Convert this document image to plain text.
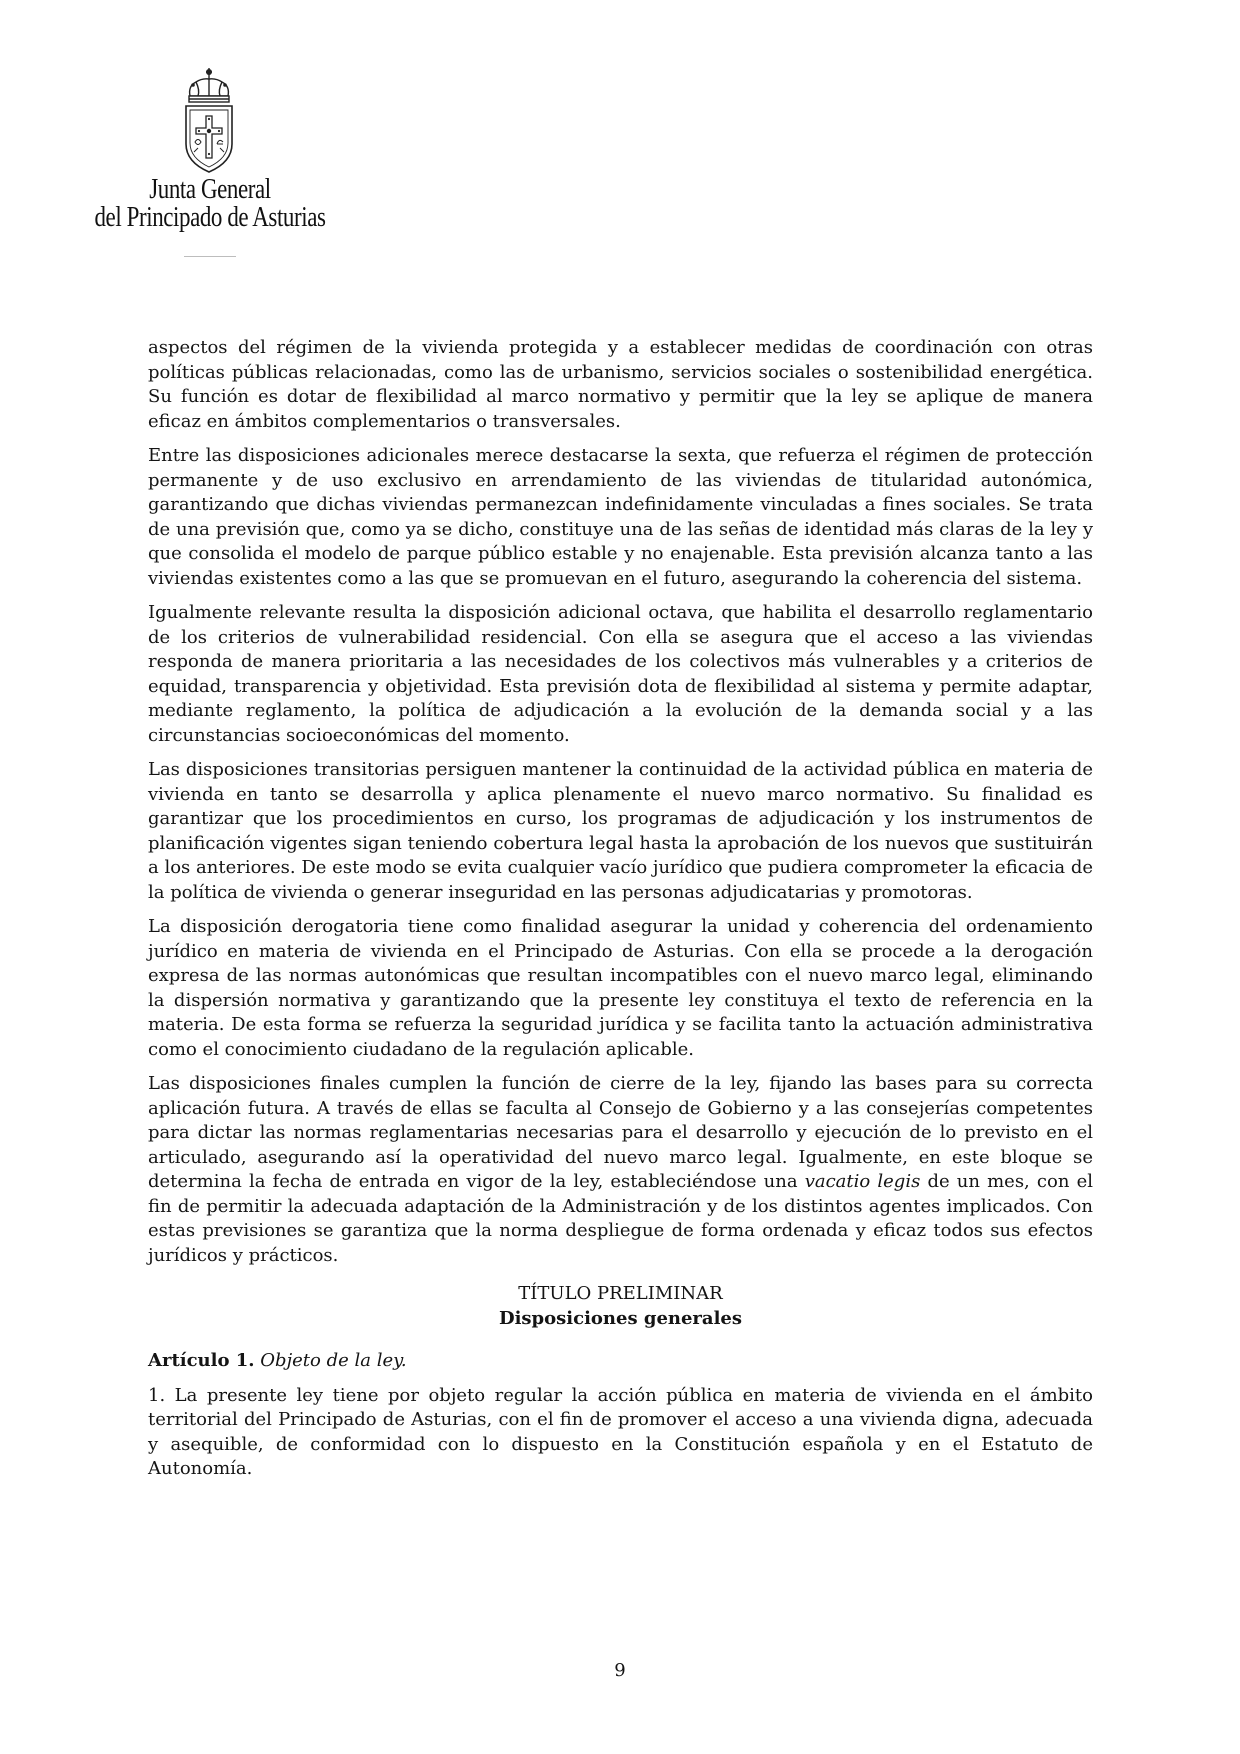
Junta General
del Principado de Asturias

aspectos del régimen de la vivienda protegida y a establecer medidas de coordinación con otras políticas públicas relacionadas, como las de urbanismo, servicios sociales o sostenibilidad energética. Su función es dotar de flexibilidad al marco normativo y permitir que la ley se aplique de manera eficaz en ámbitos complementarios o transversales.

Entre las disposiciones adicionales merece destacarse la sexta, que refuerza el régimen de protección permanente y de uso exclusivo en arrendamiento de las viviendas de titularidad autonómica, garantizando que dichas viviendas permanezcan indefinidamente vinculadas a fines sociales. Se trata de una previsión que, como ya se dicho, constituye una de las señas de identidad más claras de la ley y que consolida el modelo de parque público estable y no enajenable. Esta previsión alcanza tanto a las viviendas existentes como a las que se promuevan en el futuro, asegurando la coherencia del sistema.

Igualmente relevante resulta la disposición adicional octava, que habilita el desarrollo reglamentario de los criterios de vulnerabilidad residencial. Con ella se asegura que el acceso a las viviendas responda de manera prioritaria a las necesidades de los colectivos más vulnerables y a criterios de equidad, transparencia y objetividad. Esta previsión dota de flexibilidad al sistema y permite adaptar, mediante reglamento, la política de adjudicación a la evolución de la demanda social y a las circunstancias socioeconómicas del momento.

Las disposiciones transitorias persiguen mantener la continuidad de la actividad pública en materia de vivienda en tanto se desarrolla y aplica plenamente el nuevo marco normativo. Su finalidad es garantizar que los procedimientos en curso, los programas de adjudicación y los instrumentos de planificación vigentes sigan teniendo cobertura legal hasta la aprobación de los nuevos que sustituirán a los anteriores. De este modo se evita cualquier vacío jurídico que pudiera comprometer la eficacia de la política de vivienda o generar inseguridad en las personas adjudicatarias y promotoras.

La disposición derogatoria tiene como finalidad asegurar la unidad y coherencia del ordenamiento jurídico en materia de vivienda en el Principado de Asturias. Con ella se procede a la derogación expresa de las normas autonómicas que resultan incompatibles con el nuevo marco legal, eliminando la dispersión normativa y garantizando que la presente ley constituya el texto de referencia en la materia. De esta forma se refuerza la seguridad jurídica y se facilita tanto la actuación administrativa como el conocimiento ciudadano de la regulación aplicable.

Las disposiciones finales cumplen la función de cierre de la ley, fijando las bases para su correcta aplicación futura. A través de ellas se faculta al Consejo de Gobierno y a las consejerías competentes para dictar las normas reglamentarias necesarias para el desarrollo y ejecución de lo previsto en el articulado, asegurando así la operatividad del nuevo marco legal. Igualmente, en este bloque se determina la fecha de entrada en vigor de la ley, estableciéndose una vacatio legis de un mes, con el fin de permitir la adecuada adaptación de la Administración y de los distintos agentes implicados. Con estas previsiones se garantiza que la norma despliegue de forma ordenada y eficaz todos sus efectos jurídicos y prácticos.

TÍTULO PRELIMINAR
Disposiciones generales

Artículo 1. Objeto de la ley.

1. La presente ley tiene por objeto regular la acción pública en materia de vivienda en el ámbito territorial del Principado de Asturias, con el fin de promover el acceso a una vivienda digna, adecuada y asequible, de conformidad con lo dispuesto en la Constitución española y en el Estatuto de Autonomía.

9
